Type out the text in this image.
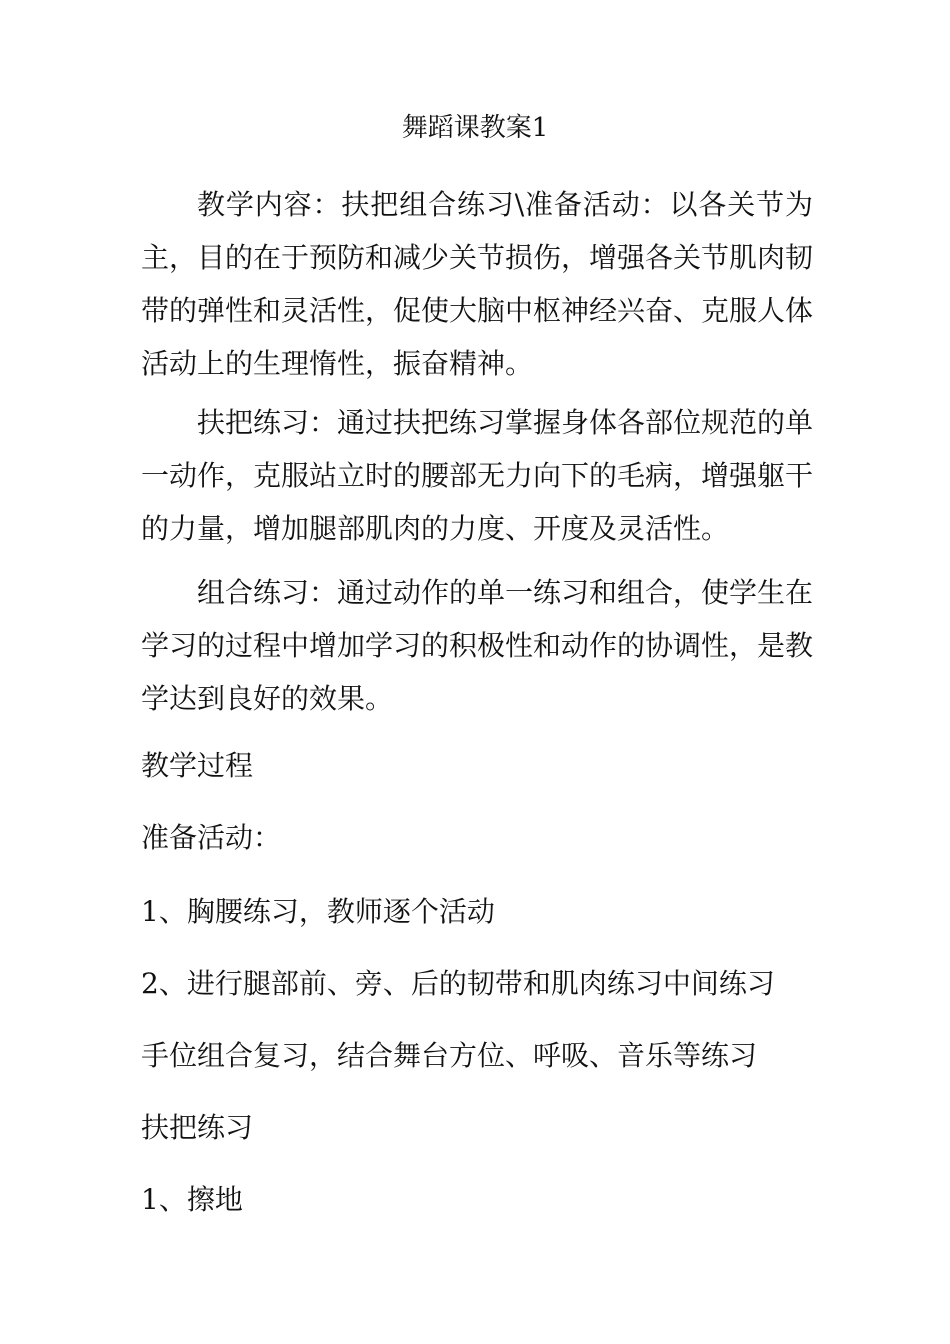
舞蹈课教案1

教学内容：扶把组合练习\准备活动：以各关节为主，目的在于预防和减少关节损伤，增强各关节肌肉韧带的弹性和灵活性，促使大脑中枢神经兴奋、克服人体活动上的生理惰性，振奋精神。

扶把练习：通过扶把练习掌握身体各部位规范的单一动作，克服站立时的腰部无力向下的毛病，增强躯干的力量，增加腿部肌肉的力度、开度及灵活性。

组合练习：通过动作的单一练习和组合，使学生在学习的过程中增加学习的积极性和动作的协调性，是教学达到良好的效果。

教学过程

准备活动：

1、胸腰练习，教师逐个活动

2、进行腿部前、旁、后的韧带和肌肉练习中间练习

手位组合复习，结合舞台方位、呼吸、音乐等练习

扶把练习

1、擦地
